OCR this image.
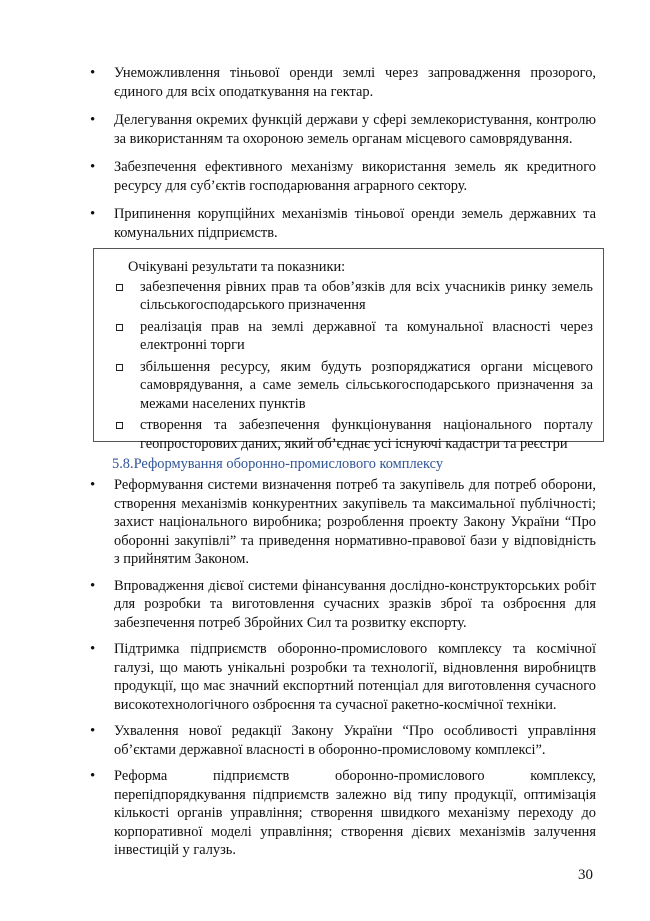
• Унеможливлення тіньової оренди землі через запровадження прозорого, єдиного для всіх оподаткування на гектар.
• Делегування окремих функцій держави у сфері землекористування, контролю за використанням та охороною земель органам місцевого самоврядування.
• Забезпечення ефективного механізму використання земель як кредитного ресурсу для суб’єктів господарювання аграрного сектору.
• Припинення корупційних механізмів тіньової оренди земель державних та комунальних підприємств.
Очікувані результати та показники:
забезпечення рівних прав та обов’язків для всіх учасників ринку земель сільськогосподарського призначення
реалізація прав на землі державної та комунальної власності через електронні торги
збільшення ресурсу, яким будуть розпоряджатися органи місцевого самоврядування, а саме земель сільськогосподарського призначення за межами населених пунктів
створення та забезпечення функціонування національного порталу геопросторових даних, який об’єднає усі існуючі кадастри та реєстри
5.8.Реформування оборонно-промислового комплексу
• Реформування системи визначення потреб та закупівель для потреб оборони, створення механізмів конкурентних закупівель та максимальної публічності; захист національного виробника; розроблення проекту Закону України “Про оборонні закупівлі” та приведення нормативно-правової бази у відповідність з прийнятим Законом.
• Впровадження дієвої системи фінансування дослідно-конструкторських робіт для розробки та виготовлення сучасних зразків зброї та озброєння для забезпечення потреб Збройних Сил та розвитку експорту.
• Підтримка підприємств оборонно-промислового комплексу та космічної галузі, що мають унікальні розробки та технології, відновлення виробництв продукції, що має значний експортний потенціал для виготовлення сучасного високотехнологічного озброєння та сучасної ракетно-космічної техніки.
• Ухвалення нової редакції Закону України “Про особливості управління об’єктами державної власності в оборонно-промисловому комплексі”.
• Реформа підприємств оборонно-промислового комплексу, перепідпорядкування підприємств залежно від типу продукції, оптимізація кількості органів управління; створення швидкого механізму переходу до корпоративної моделі управління; створення дієвих механізмів залучення інвестицій у галузь.
30
